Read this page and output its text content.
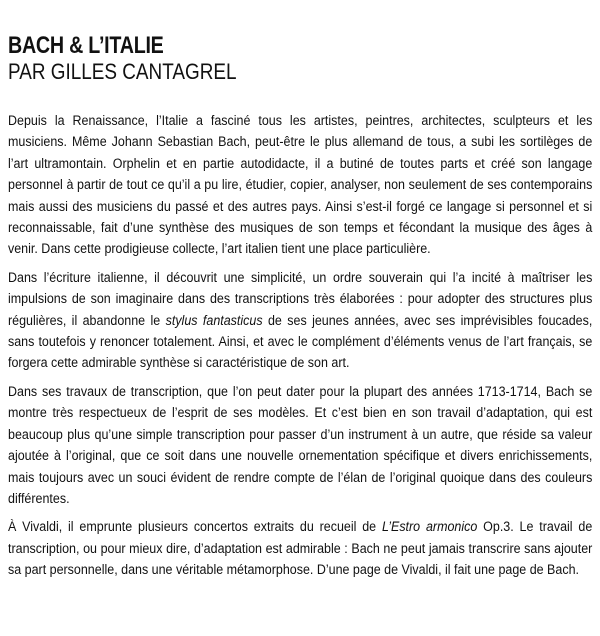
BACH & L’ITALIE
PAR GILLES CANTAGREL

Depuis la Renaissance, l’Italie a fasciné tous les artistes, peintres, architectes, sculpteurs et les musiciens. Même Johann Sebastian Bach, peut-être le plus allemand de tous, a subi les sortilèges de l’art ultramontain. Orphelin et en partie autodidacte, il a butiné de toutes parts et créé son langage personnel à partir de tout ce qu’il a pu lire, étudier, copier, analyser, non seulement de ses contemporains mais aussi des musiciens du passé et des autres pays. Ainsi s’est-il forgé ce langage si personnel et si reconnaissable, fait d’une synthèse des musiques de son temps et fécondant la musique des âges à venir. Dans cette prodigieuse collecte, l’art italien tient une place particulière.

Dans l’écriture italienne, il découvrit une simplicité, un ordre souverain qui l’a incité à maîtriser les impulsions de son imaginaire dans des transcriptions très élaborées : pour adopter des structures plus régulières, il abandonne le stylus fantasticus de ses jeunes années, avec ses imprévisibles foucades, sans toutefois y renoncer totalement. Ainsi, et avec le complément d’éléments venus de l’art français, se forgera cette admirable synthèse si caractéristique de son art.

Dans ses travaux de transcription, que l’on peut dater pour la plupart des années 1713-1714, Bach se montre très respectueux de l’esprit de ses modèles. Et c’est bien en son travail d’adaptation, qui est beaucoup plus qu’une simple transcription pour passer d’un instrument à un autre, que réside sa valeur ajoutée à l’original, que ce soit dans une nouvelle ornementation spécifique et divers enrichissements, mais toujours avec un souci évident de rendre compte de l’élan de l’original quoique dans des couleurs différentes.

À Vivaldi, il emprunte plusieurs concertos extraits du recueil de L’Estro armonico Op.3. Le travail de transcription, ou pour mieux dire, d’adaptation est admirable : Bach ne peut jamais transcrire sans ajouter sa part personnelle, dans une véritable métamorphose. D’une page de Vivaldi, il fait une page de Bach.
